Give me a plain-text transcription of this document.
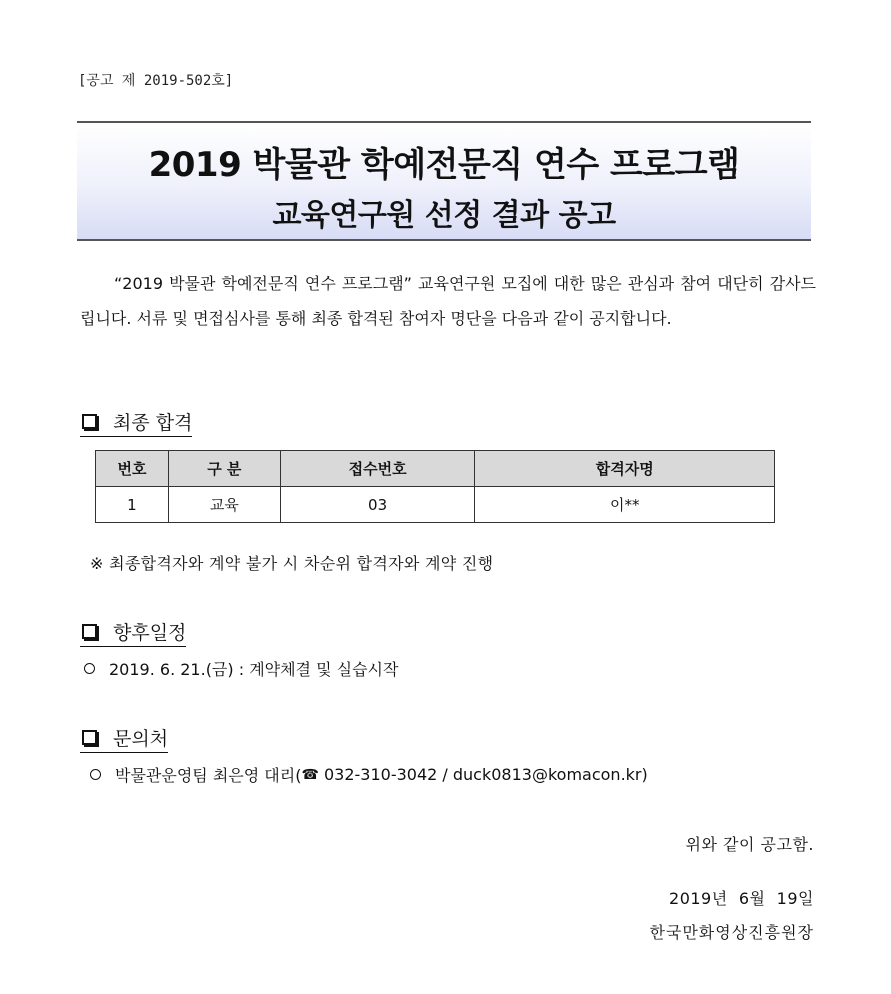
[공고 제 2019-502호]
2019 박물관 학예전문직 연수 프로그램
교육연구원 선정 결과 공고
“2019 박물관 학예전문직 연수 프로그램” 교육연구원 모집에 대한 많은 관심과 참여 대단히 감사드립니다. 서류 및 면접심사를 통해 최종 합격된 참여자 명단을 다음과 같이 공지합니다.
최종 합격
번호	구 분	접수번호	합격자명
1	교육	03	이**
※ 최종합격자와 계약 불가 시 차순위 합격자와 계약 진행
향후일정
2019. 6. 21.(금) : 계약체결 및 실습시작
문의처
박물관운영팀 최은영 대리( ☎ 032-310-3042 / duck0813@komacon.kr)
위와 같이 공고함.
2019년  6월  19일
한국만화영상진흥원장
